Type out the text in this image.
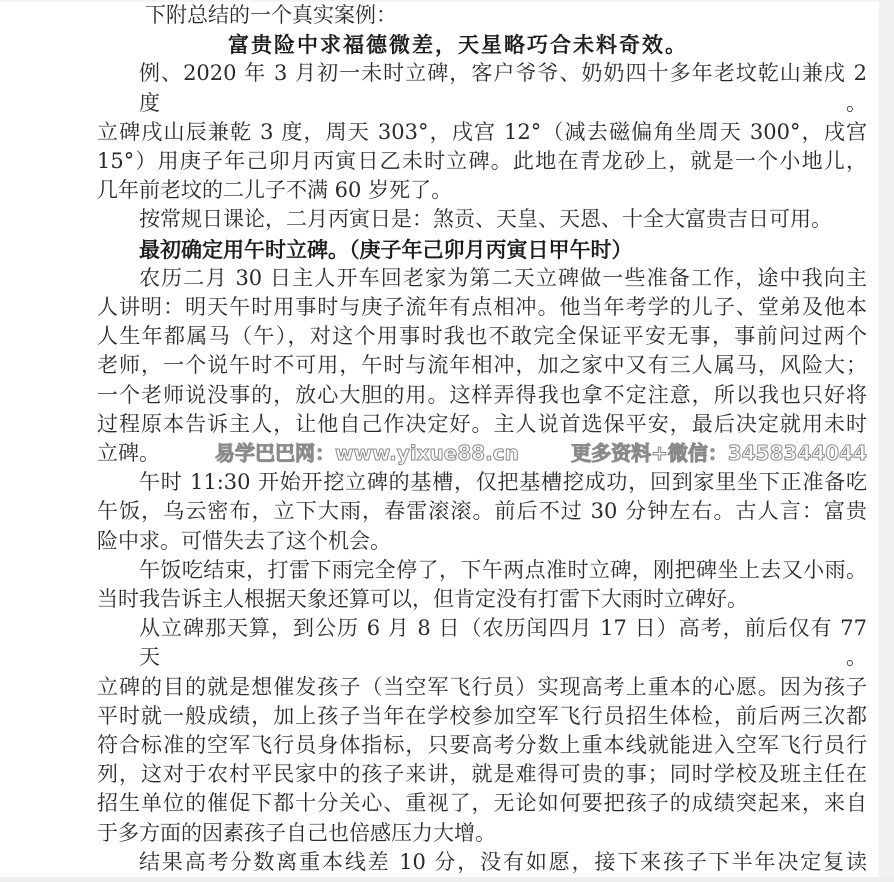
下附总结的一个真实案例：
富贵险中求福德微差，天星略巧合未料奇效。
例、2020 年 3 月初一未时立碑，客户爷爷、奶奶四十多年老坟乾山兼戌 2 度。
立碑戌山辰兼乾 3 度，周天 303°，戌宫 12°（减去磁偏角坐周天 300°，戌宫
15°）用庚子年己卯月丙寅日乙未时立碑。此地在青龙砂上，就是一个小地儿，
几年前老坟的二儿子不满 60 岁死了。
按常规日课论，二月丙寅日是：煞贡、天皇、天恩、十全大富贵吉日可用。
最初确定用午时立碑。（庚子年己卯月丙寅日甲午时）
农历二月 30 日主人开车回老家为第二天立碑做一些准备工作，途中我向主
人讲明：明天午时用事时与庚子流年有点相冲。他当年考学的儿子、堂弟及他本
人生年都属马（午），对这个用事时我也不敢完全保证平安无事，事前问过两个
老师，一个说午时不可用，午时与流年相冲，加之家中又有三人属马，风险大；
一个老师说没事的，放心大胆的用。这样弄得我也拿不定注意，所以我也只好将
过程原本告诉主人，让他自己作决定好。主人说首选保平安，最后决定就用未时
立碑。	易学巴巴网：www.yixue88.cn	更多资料+微信：3458344044
午时 11:30 开始开挖立碑的基槽，仅把基槽挖成功，回到家里坐下正准备吃
午饭，乌云密布，立下大雨，春雷滚滚。前后不过 30 分钟左右。古人言：富贵
险中求。可惜失去了这个机会。
午饭吃结束，打雷下雨完全停了，下午两点准时立碑，刚把碑坐上去又小雨。
当时我告诉主人根据天象还算可以，但肯定没有打雷下大雨时立碑好。
从立碑那天算，到公历 6 月 8 日（农历闰四月 17 日）高考，前后仅有 77 天。
立碑的目的就是想催发孩子（当空军飞行员）实现高考上重本的心愿。因为孩子
平时就一般成绩，加上孩子当年在学校参加空军飞行员招生体检，前后两三次都
符合标准的空军飞行员身体指标，只要高考分数上重本线就能进入空军飞行员行
列，这对于农村平民家中的孩子来讲，就是难得可贵的事；同时学校及班主任在
招生单位的催促下都十分关心、重视了，无论如何要把孩子的成绩突起来，来自
于多方面的因素孩子自己也倍感压力大增。
结果高考分数离重本线差 10 分，没有如愿，接下来孩子下半年决定复读
